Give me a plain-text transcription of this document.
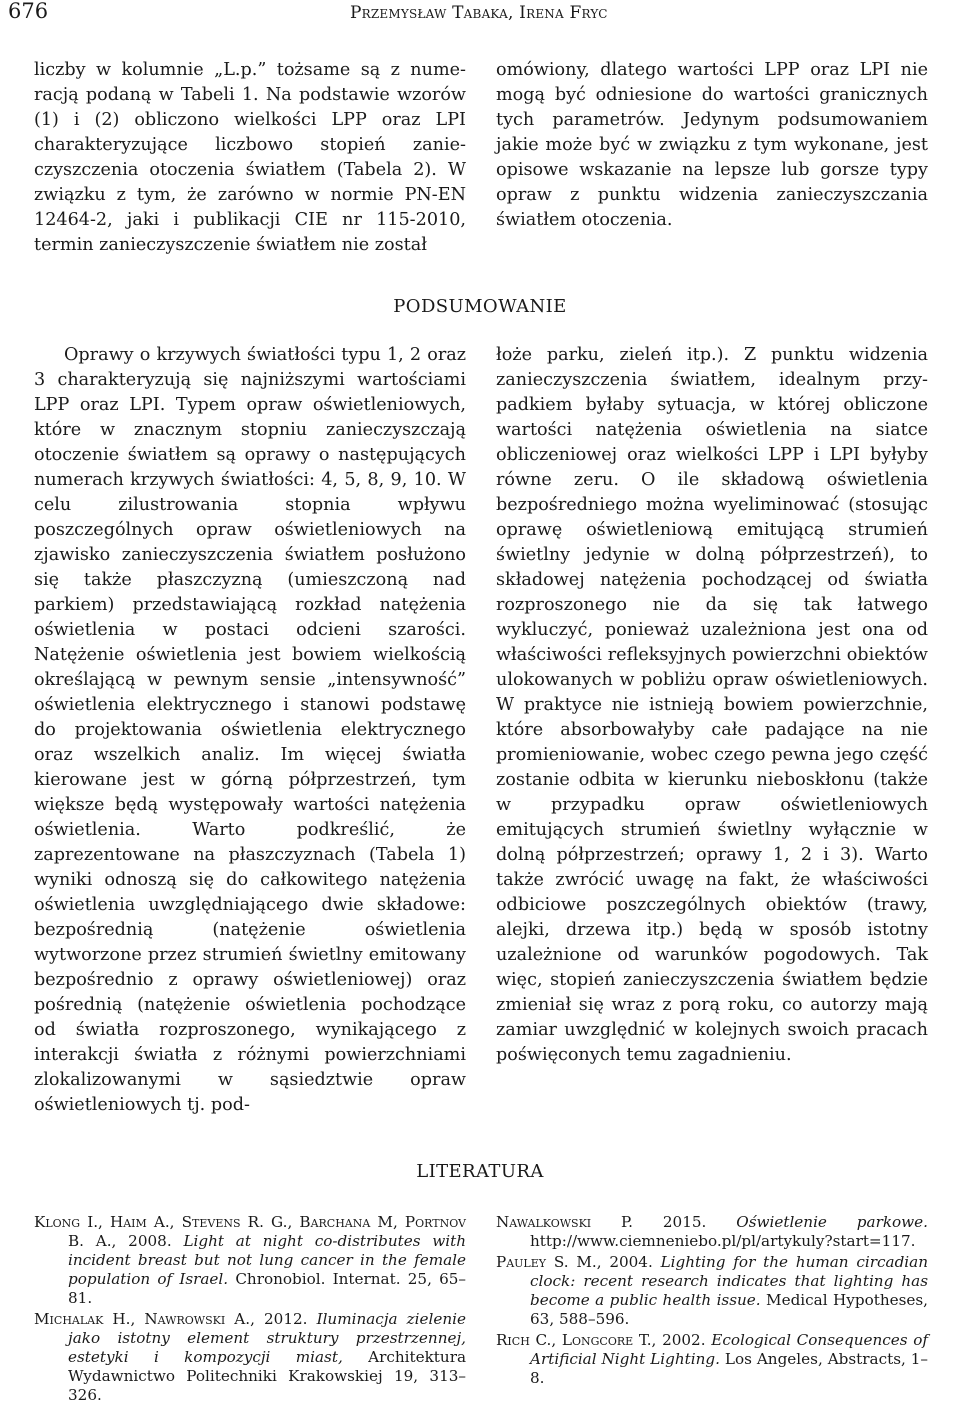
676	Przemysław Tabaka, Irena Fryc

liczby w kolumnie „L.p.” tożsame są z numeracją podaną w Tabeli 1. Na podstawie wzorów (1) i (2) obliczono wielkości LPP oraz LPI charakteryzujące liczbowo stopień zanieczyszczenia otoczenia światłem (Tabela 2). W związku z tym, że zarówno w normie PN-EN 12464-2, jaki i publikacji CIE nr 115-2010, termin zanieczyszczenie światłem nie został

omówiony, dlatego wartości LPP oraz LPI nie mogą być odniesione do wartości granicznych tych parametrów. Jedynym podsumowaniem jakie może być w związku z tym wykonane, jest opisowe wskazanie na lepsze lub gorsze typy opraw z punktu widzenia zanieczyszczania światłem otoczenia.

PODSUMOWANIE

Oprawy o krzywych światłości typu 1, 2 oraz 3 charakteryzują się najniższymi wartościami LPP oraz LPI. Typem opraw oświetleniowych, które w znacznym stopniu zanieczyszczają otoczenie światłem są oprawy o następujących numerach krzywych światłości: 4, 5, 8, 9, 10. W celu zilustrowania stopnia wpływu poszczególnych opraw oświetleniowych na zjawisko zanieczyszczenia światłem posłużono się także płaszczyzną (umieszczoną nad parkiem) przedstawiającą rozkład natężenia oświetlenia w postaci odcieni szarości. Natężenie oświetlenia jest bowiem wielkością określającą w pewnym sensie „intensywność” oświetlenia elektrycznego i stanowi podstawę do projektowania oświetlenia elektrycznego oraz wszelkich analiz. Im więcej światła kierowane jest w górną półprzestrzeń, tym większe będą występowały wartości natężenia oświetlenia. Warto podkreślić, że zaprezentowane na płaszczyznach (Tabela 1) wyniki odnoszą się do całkowitego natężenia oświetlenia uwzględniającego dwie składowe: bezpośrednią (natężenie oświetlenia wytworzone przez strumień świetlny emitowany bezpośrednio z oprawy oświetleniowej) oraz pośrednią (natężenie oświetlenia pochodzące od światła rozproszonego, wynikającego z interakcji światła z różnymi powierzchniami zlokalizowanymi w sąsiedztwie opraw oświetleniowych tj. pod-

łoże parku, zieleń itp.). Z punktu widzenia zanieczyszczenia światłem, idealnym przypadkiem byłaby sytuacja, w której obliczone wartości natężenia oświetlenia na siatce obliczeniowej oraz wielkości LPP i LPI byłyby równe zeru. O ile składową oświetlenia bezpośredniego można wyeliminować (stosując oprawę oświetleniową emitującą strumień świetlny jedynie w dolną półprzestrzeń), to składowej natężenia pochodzącej od światła rozproszonego nie da się tak łatwego wykluczyć, ponieważ uzależniona jest ona od właściwości refleksyjnych powierzchni obiektów ulokowanych w pobliżu opraw oświetleniowych. W praktyce nie istnieją bowiem powierzchnie, które absorbowałyby całe padające na nie promieniowanie, wobec czego pewna jego część zostanie odbita w kierunku nieboskłonu (także w przypadku opraw oświetleniowych emitujących strumień świetlny wyłącznie w dolną półprzestrzeń; oprawy 1, 2 i 3). Warto także zwrócić uwagę na fakt, że właściwości odbiciowe poszczególnych obiektów (trawy, alejki, drzewa itp.) będą w sposób istotny uzależnione od warunków pogodowych. Tak więc, stopień zanieczyszczenia światłem będzie zmieniał się wraz z porą roku, co autorzy mają zamiar uwzględnić w kolejnych swoich pracach poświęconych temu zagadnieniu.

LITERATURA

Klong I., Haim A., Stevens R. G., Barchana M, Portnov B. A., 2008. Light at night co-distributes with incident breast but not lung cancer in the female population of Israel. Chronobiol. Internat. 25, 65–81.

Michalak H., Nawrowski A., 2012. Iluminacja zielenie jako istotny element struktury przestrzennej, estetyki i kompozycji miast, Architektura Wydawnictwo Politechniki Krakowskiej 19, 313–326.

Nawalkowski P. 2015. Oświetlenie parkowe. http://www.ciemneniebo.pl/pl/artykuly?start=117.

Pauley S. M., 2004. Lighting for the human circadian clock: recent research indicates that lighting has become a public health issue. Medical Hypotheses, 63, 588–596.

Rich C., Longcore T., 2002. Ecological Consequences of Artificial Night Lighting. Los Angeles, Abstracts, 1–8.
